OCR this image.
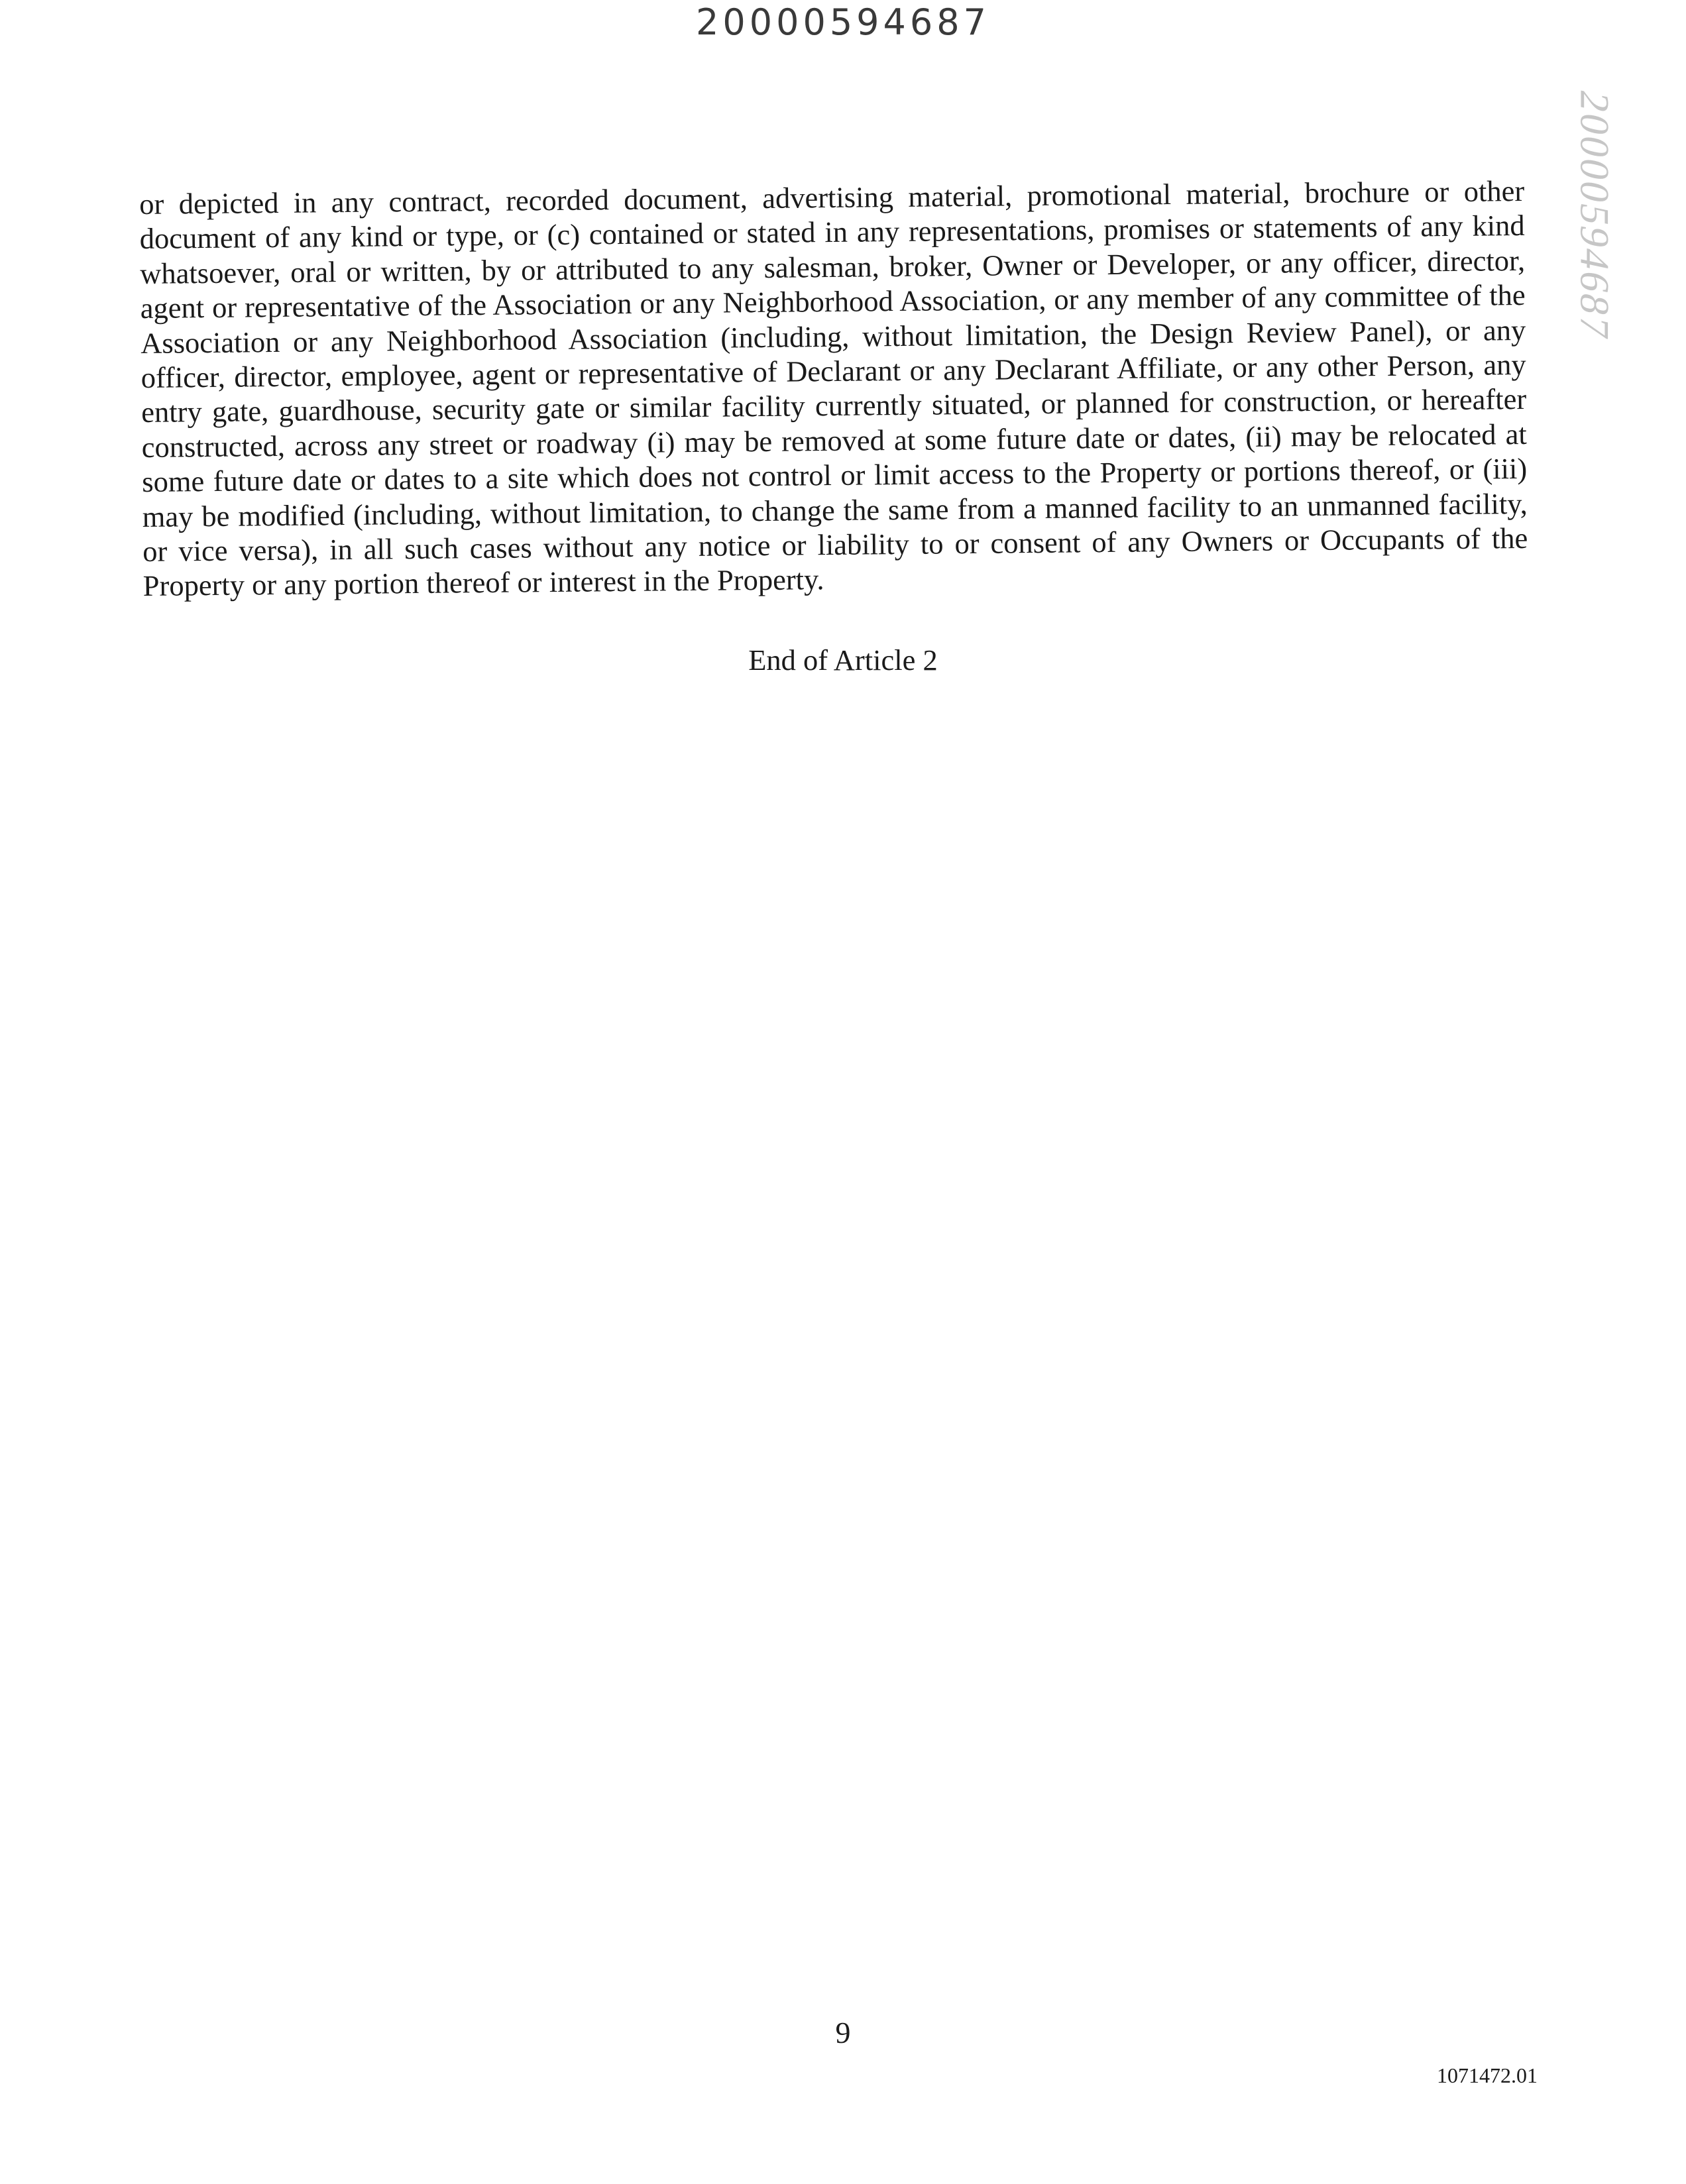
20000594687
20000594687

or depicted in any contract, recorded document, advertising material, promotional material, brochure or other document of any kind or type, or (c) contained or stated in any representations, promises or statements of any kind whatsoever, oral or written, by or attributed to any salesman, broker, Owner or Developer, or any officer, director, agent or representative of the Association or any Neighborhood Association, or any member of any committee of the Association or any Neighborhood Association (including, without limitation, the Design Review Panel), or any officer, director, employee, agent or representative of Declarant or any Declarant Affiliate, or any other Person, any entry gate, guardhouse, security gate or similar facility currently situated, or planned for construction, or hereafter constructed, across any street or roadway (i) may be removed at some future date or dates, (ii) may be relocated at some future date or dates to a site which does not control or limit access to the Property or portions thereof, or (iii) may be modified (including, without limitation, to change the same from a manned facility to an unmanned facility, or vice versa), in all such cases without any notice or liability to or consent of any Owners or Occupants of the Property or any portion thereof or interest in the Property.

End of Article 2
9
1071472.01
